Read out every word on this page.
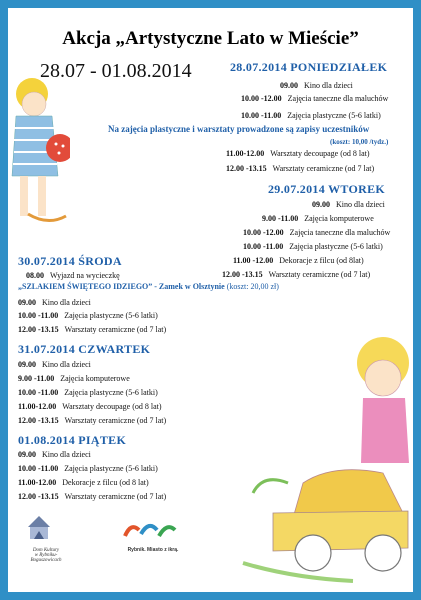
Akcja „Artystyczne Lato w Mieście”
28.07 - 01.08.2014	28.07.2014 PONIEDZIAŁEK
09.00 Kino dla dzieci
10.00 -12.00 Zajęcia taneczne dla maluchów
10.00 -11.00 Zajęcia plastyczne (5-6 latki)
Na zajęcia plastyczne i warsztaty prowadzone są zapisy uczestników
(koszt: 10,00 /tydz.)
11.00-12.00 Warsztaty decoupage (od 8 lat)
12.00 -13.15 Warsztaty ceramiczne (od 7 lat)
29.07.2014 WTOREK
09.00 Kino dla dzieci
9.00 -11.00 Zajęcia komputerowe
10.00 -12.00 Zajęcia taneczne dla maluchów
10.00 -11.00 Zajęcia plastyczne (5-6 latki)
11.00 -12.00 Dekoracje z filcu (od 8lat)
12.00 -13.15 Warsztaty ceramiczne (od 7 lat)
30.07.2014 ŚRODA
08.00 Wyjazd na wycieczkę
„SZLAKIEM ŚWIĘTEGO IDZIEGO” - Zamek w Olsztynie (koszt: 20,00 zł)
09.00 Kino dla dzieci
10.00 -11.00 Zajęcia plastyczne (5-6 latki)
12.00 -13.15 Warsztaty ceramiczne (od 7 lat)
31.07.2014 CZWARTEK
09.00 Kino dla dzieci
9.00 -11.00 Zajęcia komputerowe
10.00 -11.00 Zajęcia plastyczne (5-6 latki)
11.00-12.00 Warsztaty decoupage (od 8 lat)
12.00 -13.15 Warsztaty ceramiczne (od 7 lat)
01.08.2014 PIĄTEK
09.00 Kino dla dzieci
10.00 -11.00 Zajęcia plastyczne (5-6 latki)
11.00-12.00 Dekoracje z filcu (od 8 lat)
12.00 -13.15 Warsztaty ceramiczne (od 7 lat)
Dom Kultury
w Rybniku-Boguszowicach
Rybnik. Miasto z ikrą.
